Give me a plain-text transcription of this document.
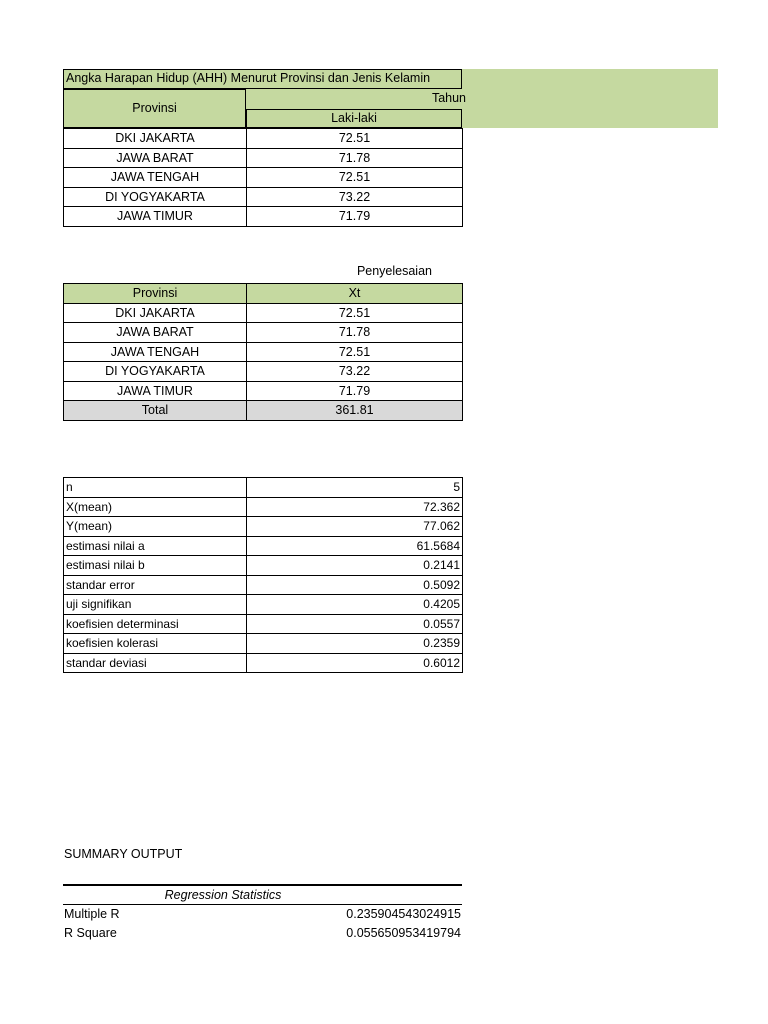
Angka Harapan Hidup (AHH) Menurut Provinsi dan Jenis Kelamin
Provinsi
Tahun
Laki-laki
DKI JAKARTA	72.51
JAWA BARAT	71.78
JAWA TENGAH	72.51
DI YOGYAKARTA	73.22
JAWA TIMUR	71.79
Penyelesaian
Provinsi	Xt
DKI JAKARTA	72.51
JAWA BARAT	71.78
JAWA TENGAH	72.51
DI YOGYAKARTA	73.22
JAWA TIMUR	71.79
Total	361.81
n	5
X(mean)	72.362
Y(mean)	77.062
estimasi nilai a	61.5684
estimasi nilai b	0.2141
standar error	0.5092
uji signifikan	0.4205
koefisien determinasi	0.0557
koefisien kolerasi	0.2359
standar deviasi	0.6012
SUMMARY OUTPUT
Regression Statistics
Multiple R	0.235904543024915
R Square	0.055650953419794
